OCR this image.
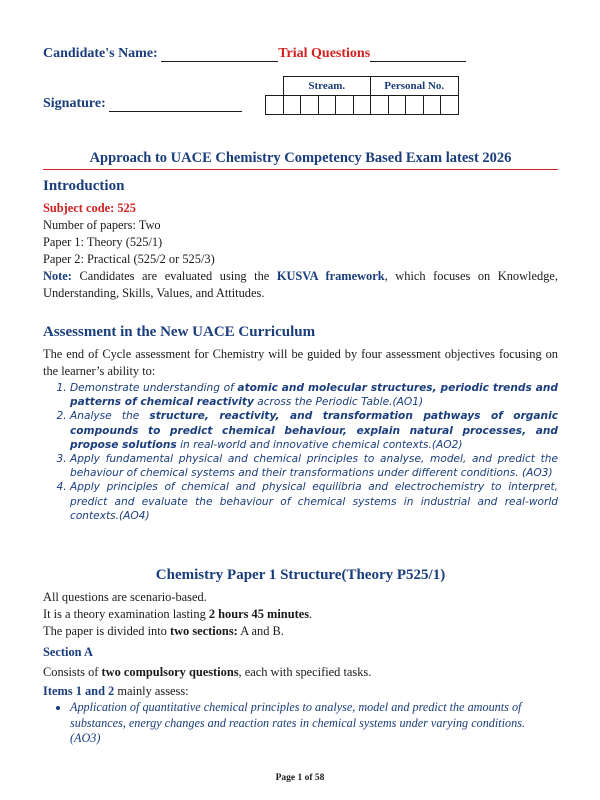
Candidate's Name:	Trial Questions
Signature:
	Stream.					Personal No.				

Approach to UACE Chemistry Competency Based Exam latest 2026
Introduction
Subject code: 525
Number of papers: Two
Paper 1: Theory (525/1)
Paper 2: Practical (525/2 or 525/3)
Note: Candidates are evaluated using the KUSVA framework, which focuses on Knowledge, Understanding, Skills, Values, and Attitudes.
Assessment in the New UACE Curriculum
The end of Cycle assessment for Chemistry will be guided by four assessment objectives focusing on the learner’s ability to:
1. Demonstrate understanding of atomic and molecular structures, periodic trends and patterns of chemical reactivity across the Periodic Table.(AO1)
2. Analyse the structure, reactivity, and transformation pathways of organic compounds to predict chemical behaviour, explain natural processes, and propose solutions in real-world and innovative chemical contexts.(AO2)
3. Apply fundamental physical and chemical principles to analyse, model, and predict the behaviour of chemical systems and their transformations under different conditions. (AO3)
4. Apply principles of chemical and physical equilibria and electrochemistry to interpret, predict and evaluate the behaviour of chemical systems in industrial and real-world contexts.(AO4)
Chemistry Paper 1 Structure(Theory P525/1)
All questions are scenario-based.
It is a theory examination lasting 2 hours 45 minutes.
The paper is divided into two sections: A and B.
Section A
Consists of two compulsory questions, each with specified tasks.
Items 1 and 2 mainly assess:
• Application of quantitative chemical principles to analyse, model and predict the amounts of substances, energy changes and reaction rates in chemical systems under varying conditions. (AO3)
Page 1 of 58
